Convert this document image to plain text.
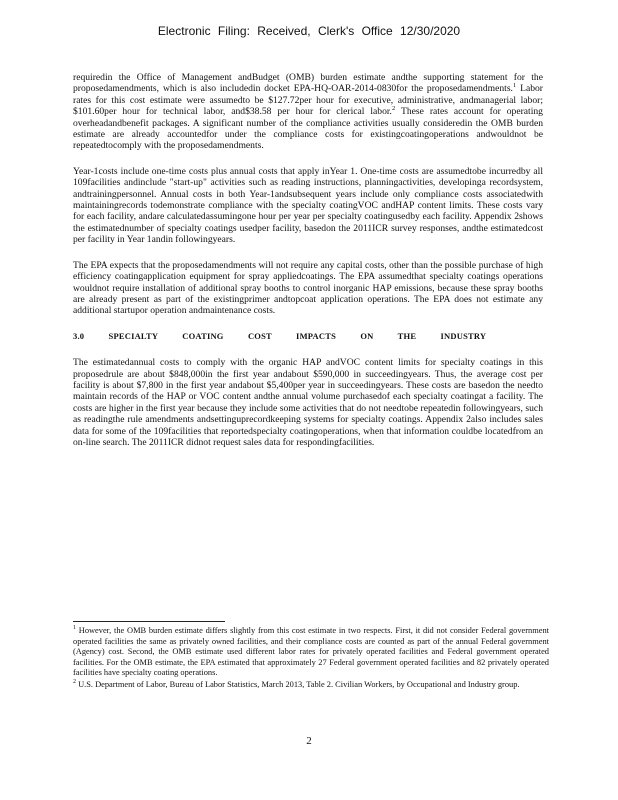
Electronic Filing: Received, Clerk's Office 12/30/2020

requiredin the Office of Management andBudget (OMB) burden estimate andthe supporting statement for the proposedamendments, which is also includedin docket EPA-HQ-OAR-2014-0830for the proposedamendments.$^1$ Labor rates for this cost estimate were assumedto be $127.72per hour for executive, administrative, andmanagerial labor; $101.60per hour for technical labor, and$38.58 per hour for clerical labor.$^2$ These rates account for operating overheadandbenefit packages. A significant number of the compliance activities usually consideredin the OMB burden estimate are already accountedfor under the compliance costs for existingcoatingoperations andwouldnot be repeatedtocomply with the proposedamendments.

Year-1costs include one-time costs plus annual costs that apply inYear 1. One-time costs are assumedtobe incurredby all 109facilities andinclude "start-up" activities such as reading instructions, planningactivities, developinga recordsystem, andtrainingpersonnel. Annual costs in both Year-1andsubsequent years include only compliance costs associatedwith maintainingrecords todemonstrate compliance with the specialty coatingVOC andHAP content limits. These costs vary for each facility, andare calculatedassumingone hour per year per specialty coatingusedby each facility. Appendix 2shows the estimatednumber of specialty coatings usedper facility, basedon the 2011ICR survey responses, andthe estimatedcost per facility in Year 1andin followingyears.

The EPA expects that the proposedamendments will not require any capital costs, other than the possible purchase of high efficiency coatingapplication equipment for spray appliedcoatings. The EPA assumedthat specialty coatings operations wouldnot require installation of additional spray booths to control inorganic HAP emissions, because these spray booths are already present as part of the existingprimer andtopcoat application operations. The EPA does not estimate any additional startupor operation andmaintenance costs.

3.0 SPECIALTY COATING COST IMPACTS ON THE INDUSTRY

The estimatedannual costs to comply with the organic HAP andVOC content limits for specialty coatings in this proposedrule are about $848,000in the first year andabout $590,000 in succeedingyears. Thus, the average cost per facility is about $7,800 in the first year andabout $5,400per year in succeedingyears. These costs are basedon the needto maintain records of the HAP or VOC content andthe annual volume purchasedof each specialty coatingat a facility. The costs are higher in the first year because they include some activities that do not needtobe repeatedin followingyears, such as readingthe rule amendments andsettinguprecordkeeping systems for specialty coatings. Appendix 2also includes sales data for some of the 109facilities that reportedspecialty coatingoperations, when that information couldbe locatedfrom an on-line search. The 2011ICR didnot request sales data for respondingfacilities.

$^1$ However, the OMB burden estimate differs slightly from this cost estimate in two respects. First, it did not consider Federal government operated facilities the same as privately owned facilities, and their compliance costs are counted as part of the annual Federal government (Agency) cost. Second, the OMB estimate used different labor rates for privately operated facilities and Federal government operated facilities. For the OMB estimate, the EPA estimated that approximately 27 Federal government operated facilities and 82 privately operated facilities have specialty coating operations.

$^2$ U.S. Department of Labor, Bureau of Labor Statistics, March 2013, Table 2. Civilian Workers, by Occupational and Industry group.

2
